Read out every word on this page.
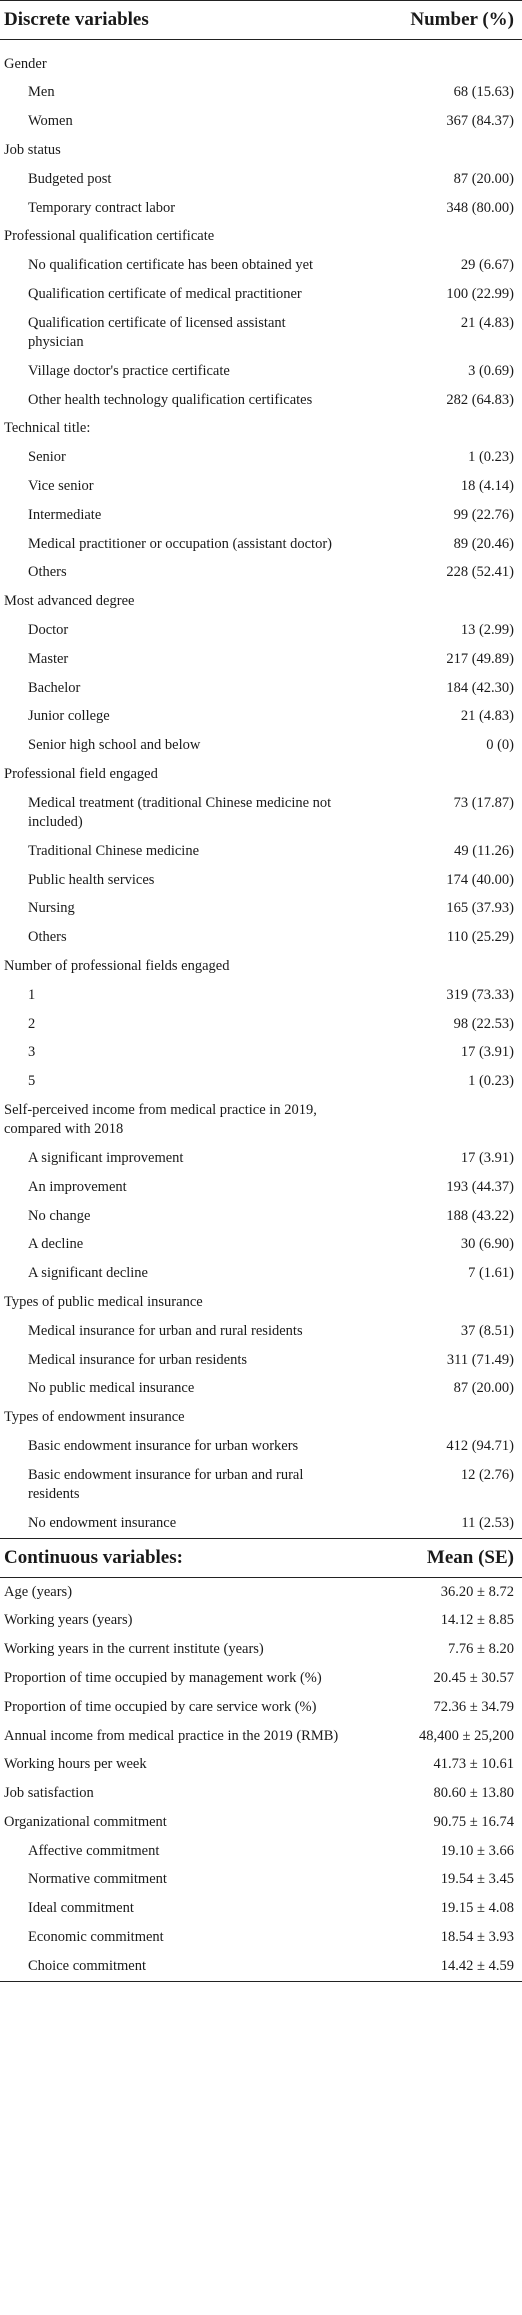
Discrete variables	Number (%)

Gender	
Men	68 (15.63)
Women	367 (84.37)
Job status	
Budgeted post	87 (20.00)
Temporary contract labor	348 (80.00)
Professional qualification certificate	
No qualification certificate has been obtained yet	29 (6.67)
Qualification certificate of medical practitioner	100 (22.99)
Qualification certificate of licensed assistant physician	21 (4.83)
Village doctor's practice certificate	3 (0.69)
Other health technology qualification certificates	282 (64.83)
Technical title:	
Senior	1 (0.23)
Vice senior	18 (4.14)
Intermediate	99 (22.76)
Medical practitioner or occupation (assistant doctor)	89 (20.46)
Others	228 (52.41)
Most advanced degree	
Doctor	13 (2.99)
Master	217 (49.89)
Bachelor	184 (42.30)
Junior college	21 (4.83)
Senior high school and below	0 (0)
Professional field engaged	
Medical treatment (traditional Chinese medicine not included)	73 (17.87)
Traditional Chinese medicine	49 (11.26)
Public health services	174 (40.00)
Nursing	165 (37.93)
Others	110 (25.29)
Number of professional fields engaged	
1	319 (73.33)
2	98 (22.53)
3	17 (3.91)
5	1 (0.23)
Self-perceived income from medical practice in 2019, compared with 2018	
A significant improvement	17 (3.91)
An improvement	193 (44.37)
No change	188 (43.22)
A decline	30 (6.90)
A significant decline	7 (1.61)
Types of public medical insurance	
Medical insurance for urban and rural residents	37 (8.51)
Medical insurance for urban residents	311 (71.49)
No public medical insurance	87 (20.00)
Types of endowment insurance	
Basic endowment insurance for urban workers	412 (94.71)
Basic endowment insurance for urban and rural residents	12 (2.76)
No endowment insurance	11 (2.53)
Continuous variables:	Mean (SE)
Age (years)	36.20 ± 8.72
Working years (years)	14.12 ± 8.85
Working years in the current institute (years)	7.76 ± 8.20
Proportion of time occupied by management work (%)	20.45 ± 30.57
Proportion of time occupied by care service work (%)	72.36 ± 34.79
Annual income from medical practice in the 2019 (RMB)	48,400 ± 25,200
Working hours per week	41.73 ± 10.61
Job satisfaction	80.60 ± 13.80
Organizational commitment	90.75 ± 16.74
Affective commitment	19.10 ± 3.66
Normative commitment	19.54 ± 3.45
Ideal commitment	19.15 ± 4.08
Economic commitment	18.54 ± 3.93
Choice commitment	14.42 ± 4.59
